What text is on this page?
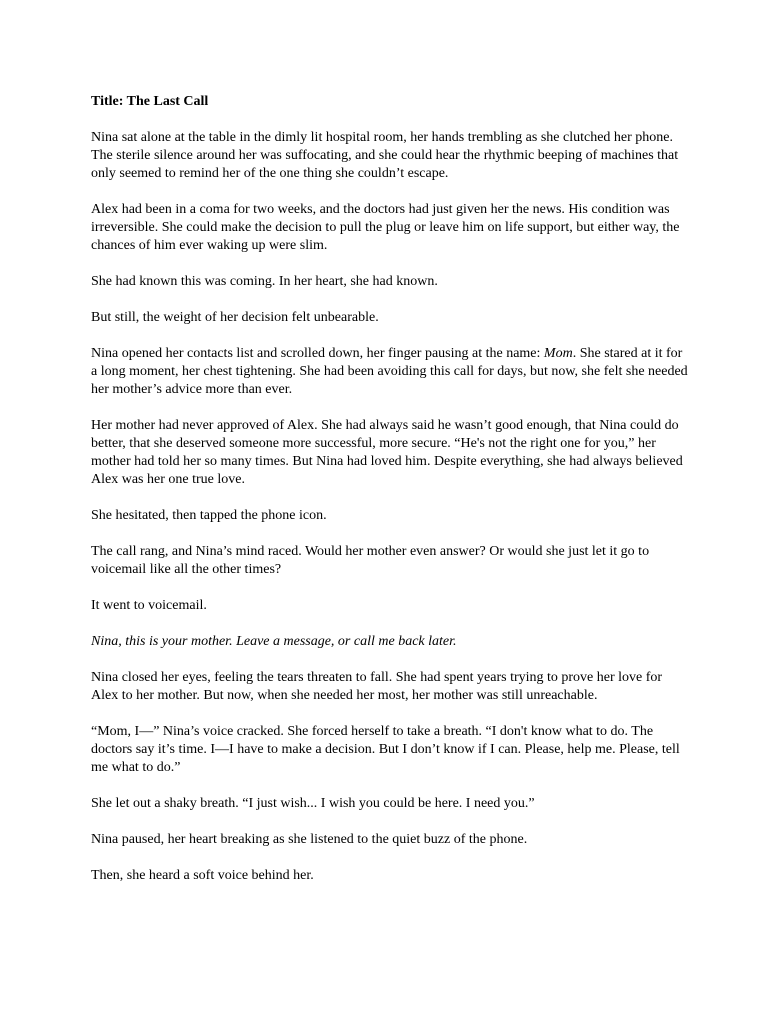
Title: The Last Call

Nina sat alone at the table in the dimly lit hospital room, her hands trembling as she clutched her phone. The sterile silence around her was suffocating, and she could hear the rhythmic beeping of machines that only seemed to remind her of the one thing she couldn’t escape.

Alex had been in a coma for two weeks, and the doctors had just given her the news. His condition was irreversible. She could make the decision to pull the plug or leave him on life support, but either way, the chances of him ever waking up were slim.

She had known this was coming. In her heart, she had known.

But still, the weight of her decision felt unbearable.

Nina opened her contacts list and scrolled down, her finger pausing at the name: Mom. She stared at it for a long moment, her chest tightening. She had been avoiding this call for days, but now, she felt she needed her mother’s advice more than ever.

Her mother had never approved of Alex. She had always said he wasn’t good enough, that Nina could do better, that she deserved someone more successful, more secure. “He's not the right one for you,” her mother had told her so many times. But Nina had loved him. Despite everything, she had always believed Alex was her one true love.

She hesitated, then tapped the phone icon.

The call rang, and Nina’s mind raced. Would her mother even answer? Or would she just let it go to voicemail like all the other times?

It went to voicemail.

Nina, this is your mother. Leave a message, or call me back later.

Nina closed her eyes, feeling the tears threaten to fall. She had spent years trying to prove her love for Alex to her mother. But now, when she needed her most, her mother was still unreachable.

“Mom, I—” Nina’s voice cracked. She forced herself to take a breath. “I don't know what to do. The doctors say it’s time. I—I have to make a decision. But I don’t know if I can. Please, help me. Please, tell me what to do.”

She let out a shaky breath. “I just wish... I wish you could be here. I need you.”

Nina paused, her heart breaking as she listened to the quiet buzz of the phone.

Then, she heard a soft voice behind her.
